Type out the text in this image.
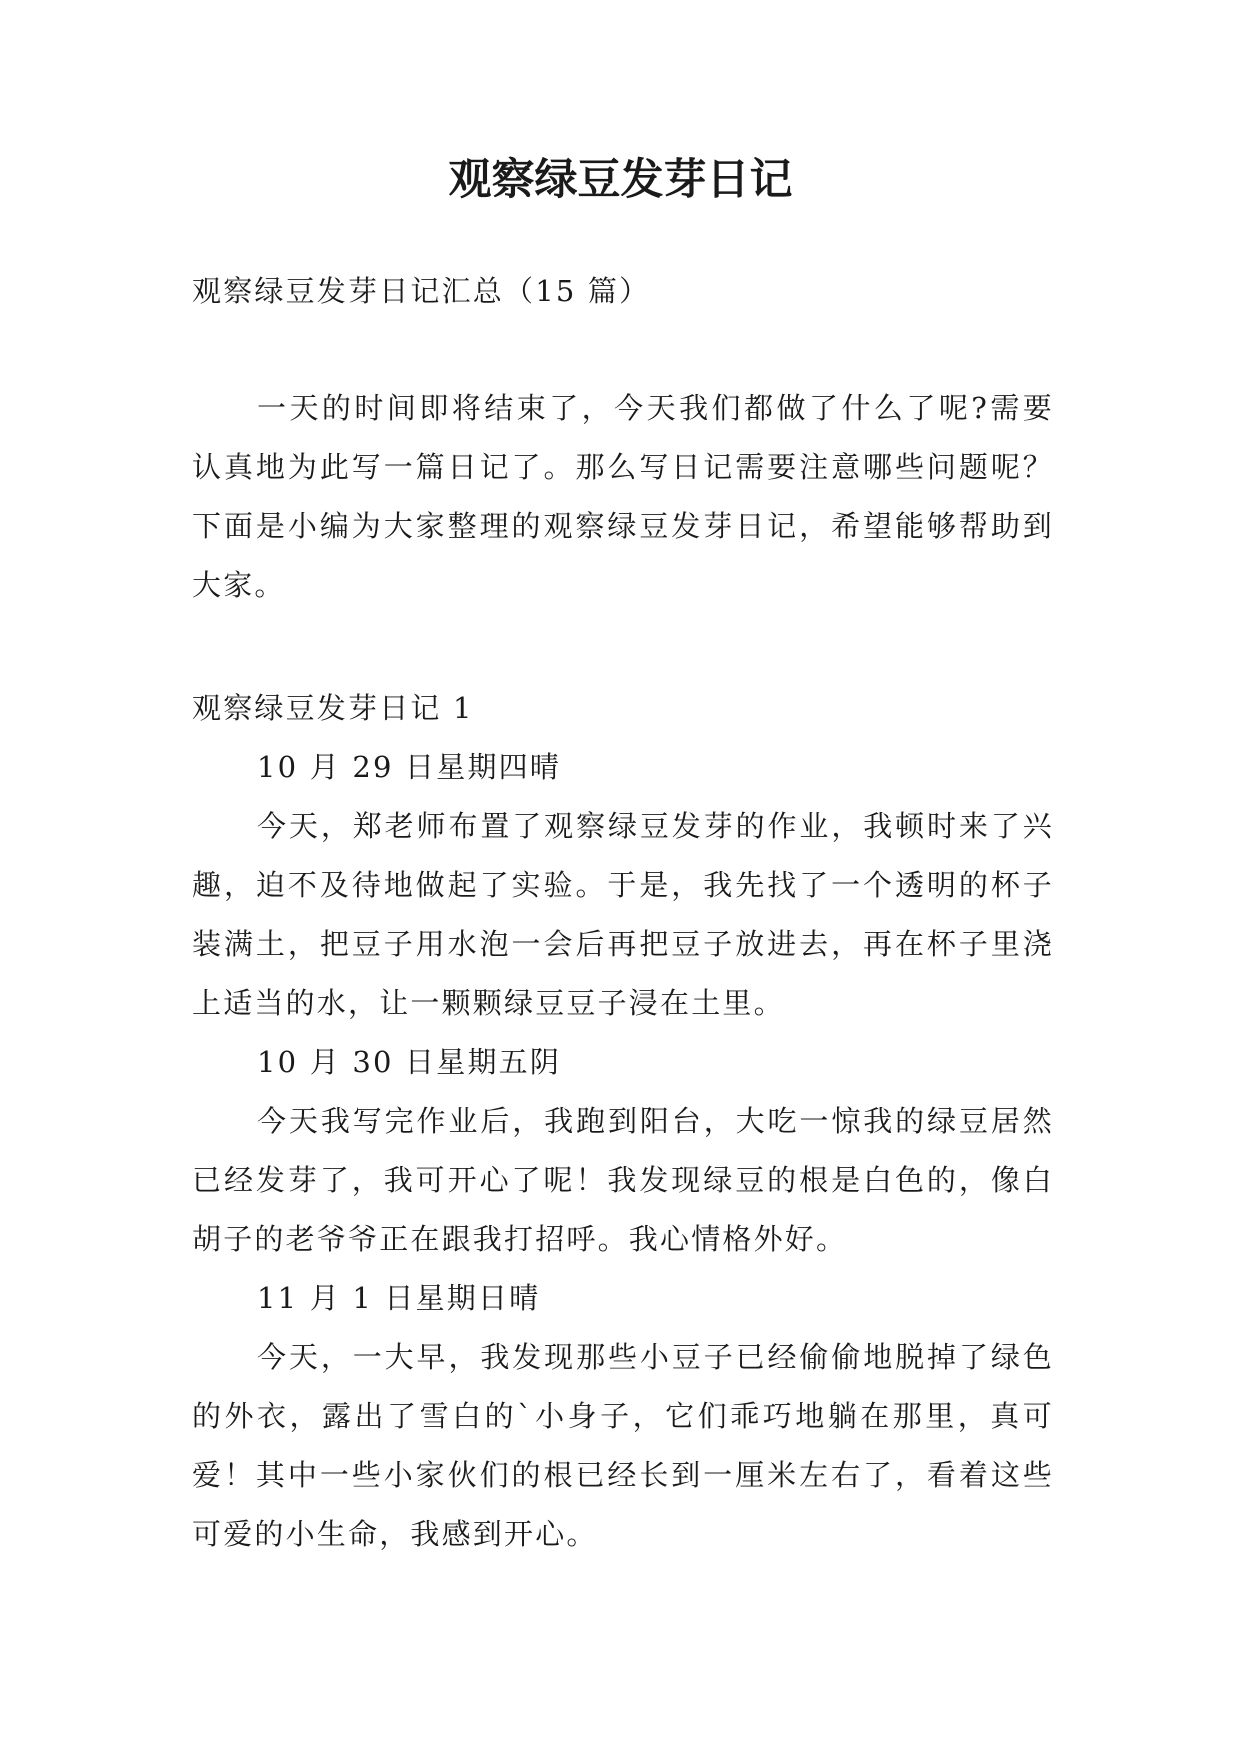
观察绿豆发芽日记

观察绿豆发芽日记汇总（15 篇）

一天的时间即将结束了，今天我们都做了什么了呢?需要认真地为此写一篇日记了。那么写日记需要注意哪些问题呢？下面是小编为大家整理的观察绿豆发芽日记，希望能够帮助到大家。

观察绿豆发芽日记 1

10 月 29 日星期四晴

今天，郑老师布置了观察绿豆发芽的作业，我顿时来了兴趣，迫不及待地做起了实验。于是，我先找了一个透明的杯子装满土，把豆子用水泡一会后再把豆子放进去，再在杯子里浇上适当的水，让一颗颗绿豆豆子浸在土里。

10 月 30 日星期五阴

今天我写完作业后，我跑到阳台，大吃一惊我的绿豆居然已经发芽了，我可开心了呢！我发现绿豆的根是白色的，像白胡子的老爷爷正在跟我打招呼。我心情格外好。

11 月 1 日星期日晴

今天，一大早，我发现那些小豆子已经偷偷地脱掉了绿色的外衣，露出了雪白的`小身子，它们乖巧地躺在那里，真可爱！其中一些小家伙们的根已经长到一厘米左右了，看着这些可爱的小生命，我感到开心。
